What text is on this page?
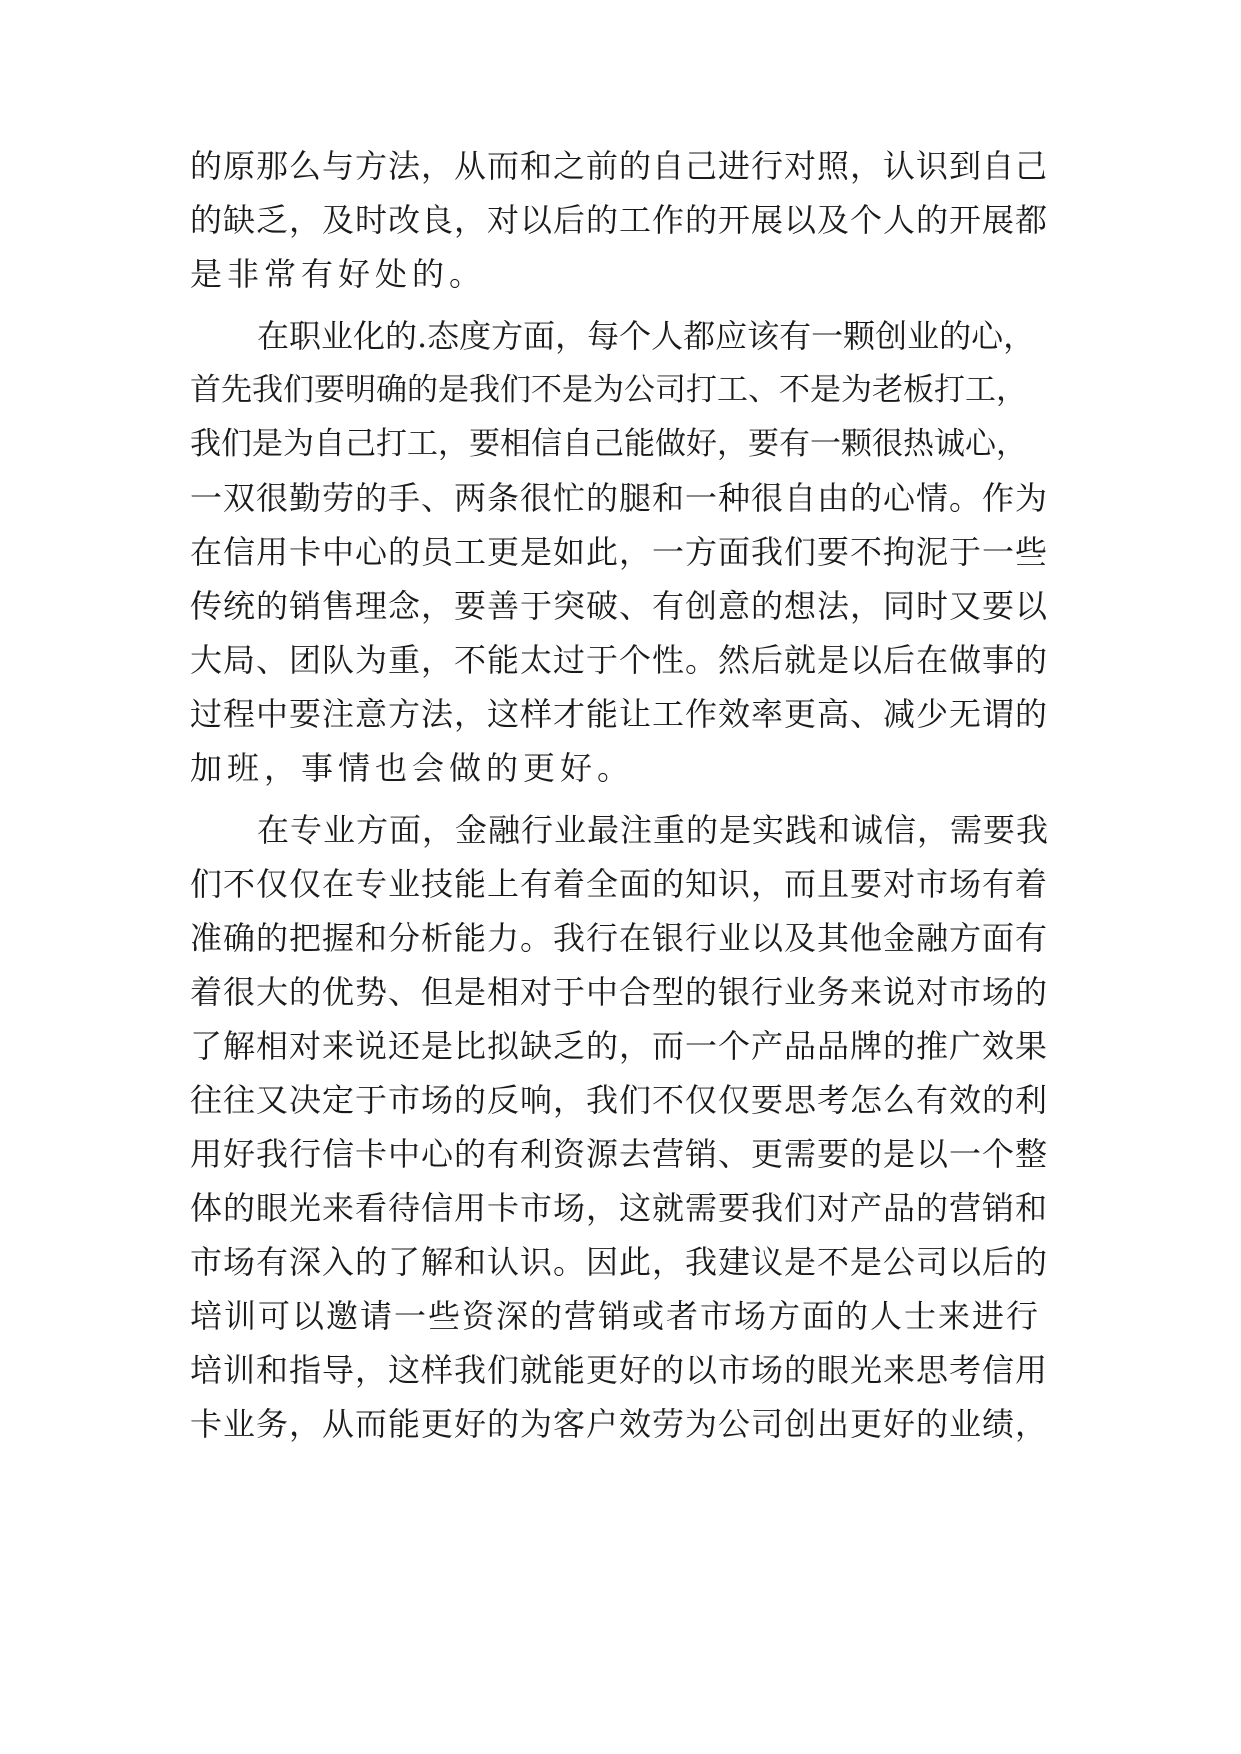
的原那么与方法，从而和之前的自己进行对照，认识到自己
的缺乏，及时改良，对以后的工作的开展以及个人的开展都
是非常有好处的。
在职业化的.态度方面，每个人都应该有一颗创业的心，
首先我们要明确的是我们不是为公司打工、不是为老板打工，
我们是为自己打工，要相信自己能做好，要有一颗很热诚心，
一双很勤劳的手、两条很忙的腿和一种很自由的心情。作为
在信用卡中心的员工更是如此，一方面我们要不拘泥于一些
传统的销售理念，要善于突破、有创意的想法，同时又要以
大局、团队为重，不能太过于个性。然后就是以后在做事的
过程中要注意方法，这样才能让工作效率更高、减少无谓的
加班，事情也会做的更好。
在专业方面，金融行业最注重的是实践和诚信，需要我
们不仅仅在专业技能上有着全面的知识，而且要对市场有着
准确的把握和分析能力。我行在银行业以及其他金融方面有
着很大的优势、但是相对于中合型的银行业务来说对市场的
了解相对来说还是比拟缺乏的，而一个产品品牌的推广效果
往往又决定于市场的反响，我们不仅仅要思考怎么有效的利
用好我行信卡中心的有利资源去营销、更需要的是以一个整
体的眼光来看待信用卡市场，这就需要我们对产品的营销和
市场有深入的了解和认识。因此，我建议是不是公司以后的
培训可以邀请一些资深的营销或者市场方面的人士来进行
培训和指导，这样我们就能更好的以市场的眼光来思考信用
卡业务，从而能更好的为客户效劳为公司创出更好的业绩，
